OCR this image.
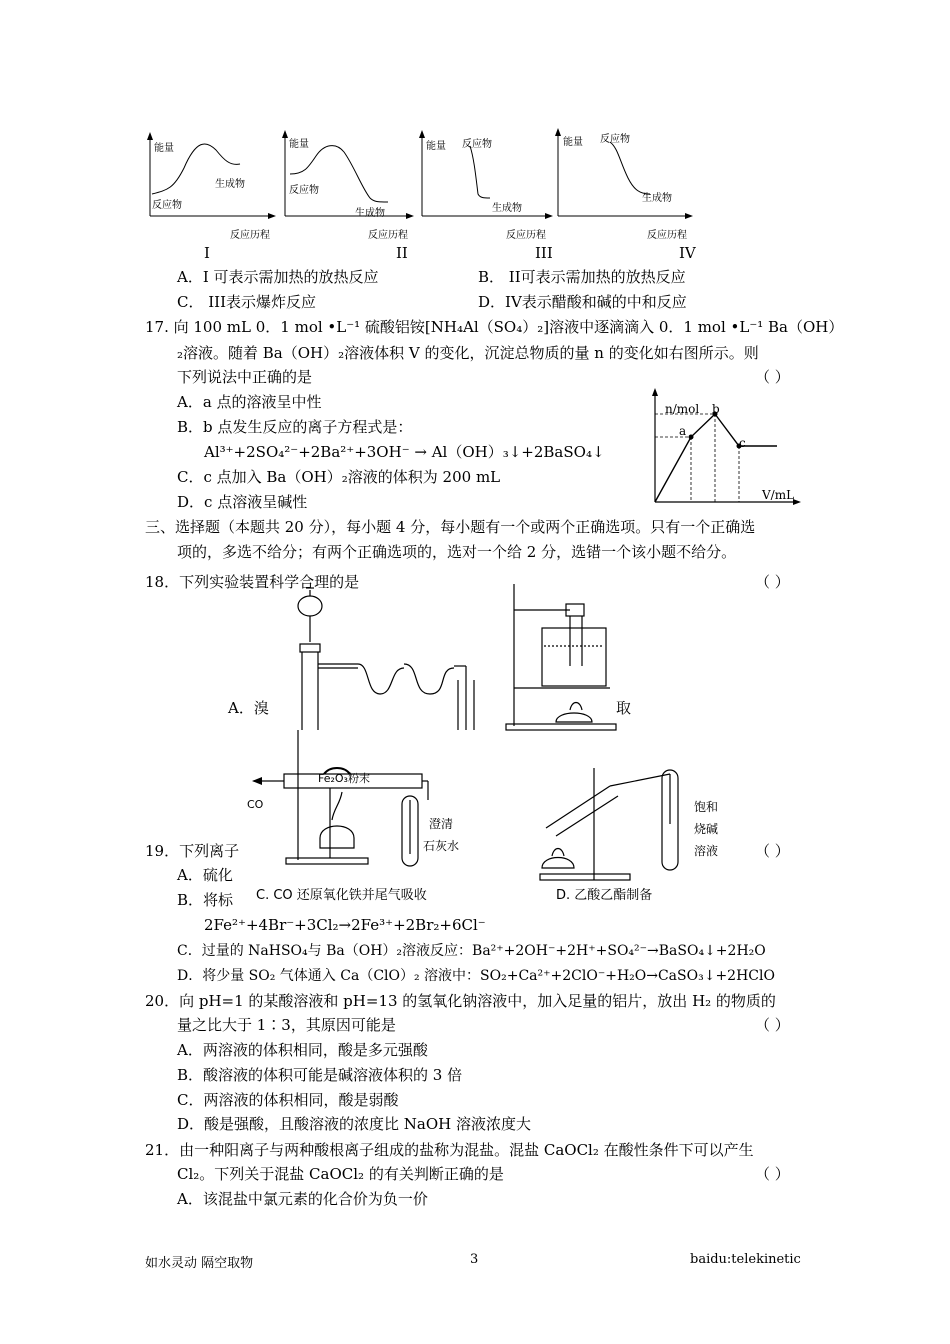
能量
生成物
反应物
反应历程
能量
反应物
生成物
反应历程
能量 反应物
生成物
反应历程
能量 反应物
生成物
反应历程
I	II	III	IV
A．I 可表示需加热的放热反应	B． II可表示需加热的放热反应
C． III表示爆炸反应	D．IV表示醋酸和碱的中和反应
17. 向 100 mL 0．1 mol •L⁻¹ 硫酸铝铵[NH₄Al（SO₄）₂]溶液中逐滴滴入 0．1 mol •L⁻¹ Ba（OH）
₂溶液。随着 Ba（OH）₂溶液体积 V 的变化，沉淀总物质的量 n 的变化如右图所示。则
下列说法中正确的是	（ ）
A．a 点的溶液呈中性
B．b 点发生反应的离子方程式是：
Al³⁺+2SO₄²⁻+2Ba²⁺+3OH⁻ → Al（OH）₃↓+2BaSO₄↓
C．c 点加入 Ba（OH）₂溶液的体积为 200 mL
D．c 点溶液呈碱性
n/mol
V/mL
a
b
c
三、选择题（本题共 20 分），每小题 4 分，每小题有一个或两个正确选项。只有一个正确选
项的，多选不给分；有两个正确选项的，选对一个给 2 分，选错一个该小题不给分。
18．下列实验装置科学合理的是	（ ）
A．溴	取
Fe₂O₃粉末
CO
澄清
石灰水
饱和
烧碱
溶液
C. CO 还原氧化铁并尾气吸收	D. 乙酸乙酯制备
19．下列离子	（ ）
A．硫化
B．将标
2Fe²⁺+4Br⁻+3Cl₂→2Fe³⁺+2Br₂+6Cl⁻
C．过量的 NaHSO₄与 Ba（OH）₂溶液反应：Ba²⁺+2OH⁻+2H⁺+SO₄²⁻→BaSO₄↓+2H₂O
D．将少量 SO₂ 气体通入 Ca（ClO）₂ 溶液中：SO₂+Ca²⁺+2ClO⁻+H₂O→CaSO₃↓+2HClO
20．向 pH=1 的某酸溶液和 pH=13 的氢氧化钠溶液中，加入足量的铝片，放出 H₂ 的物质的
量之比大于 1∶3，其原因可能是	（ ）
A．两溶液的体积相同，酸是多元强酸
B．酸溶液的体积可能是碱溶液体积的 3 倍
C．两溶液的体积相同，酸是弱酸
D．酸是强酸，且酸溶液的浓度比 NaOH 溶液浓度大
21．由一种阳离子与两种酸根离子组成的盐称为混盐。混盐 CaOCl₂ 在酸性条件下可以产生
Cl₂。下列关于混盐 CaOCl₂ 的有关判断正确的是	（ ）
A．该混盐中氯元素的化合价为负一价
如水灵动 隔空取物	3	baidu:telekinetic
